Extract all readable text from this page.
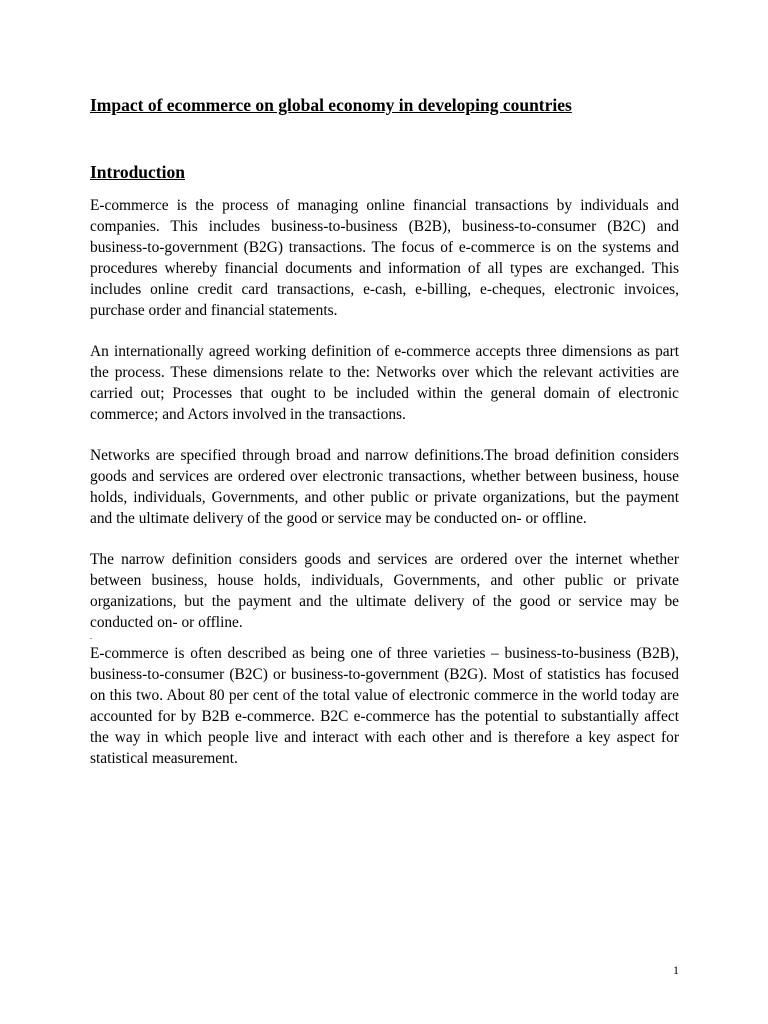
Impact of ecommerce on global economy in developing countries
Introduction

E-commerce is the process of managing online financial transactions by individuals and companies. This includes business-to-business (B2B), business-to-consumer (B2C) and business-to-government (B2G) transactions. The focus of e-commerce is on the systems and procedures whereby financial documents and information of all types are exchanged. This includes online credit card transactions, e-cash, e-billing, e-cheques, electronic invoices, purchase order and financial statements.

An internationally agreed working definition of e-commerce accepts three dimensions as part the process. These dimensions relate to the: Networks over which the relevant activities are carried out; Processes that ought to be included within the general domain of electronic commerce; and Actors involved in the transactions.

Networks are specified through broad and narrow definitions.The broad definition considers goods and services are ordered over electronic transactions, whether between business, house holds, individuals, Governments, and other public or private organizations, but the payment and the ultimate delivery of the good or service may be conducted on- or offline.

The narrow definition considers goods and services are ordered over the internet whether between business, house holds, individuals, Governments, and other public or private organizations, but the payment and the ultimate delivery of the good or service may be conducted on- or offline.

.

E-commerce is often described as being one of three varieties – business-to-business (B2B), business-to-consumer (B2C) or business-to-government (B2G). Most of statistics has focused on this two. About 80 per cent of the total value of electronic commerce in the world today are accounted for by B2B e-commerce. B2C e-commerce has the potential to substantially affect the way in which people live and interact with each other and is therefore a key aspect for statistical measurement.

1
